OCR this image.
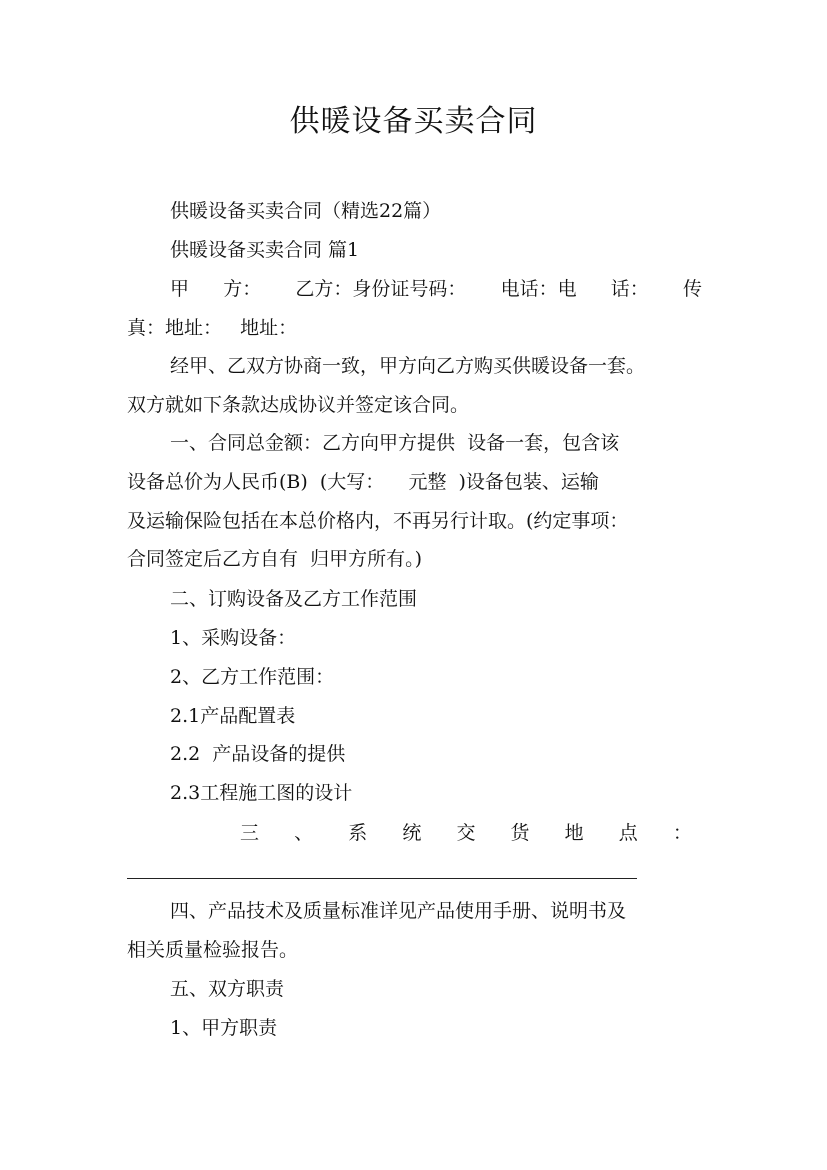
供暖设备买卖合同
供暖设备买卖合同（精选22篇）
供暖设备买卖合同 篇1
甲 方： 乙方：身份证号码： 电话：电 话： 传
真：地址：   地址：
经甲、乙双方协商一致，甲方向乙方购买供暖设备一套。
双方就如下条款达成协议并签定该合同。
一、合同总金额：乙方向甲方提供  设备一套，包含该
设备总价为人民币(B)  (大写：    元整  )设备包装、运输
及运输保险包括在本总价格内，不再另行计取。(约定事项：
合同签定后乙方自有  归甲方所有。)
二、订购设备及乙方工作范围
1、采购设备：
2、乙方工作范围：
2.1产品配置表
2.2  产品设备的提供
2.3工程施工图的设计
三 、 系 统 交 货 地 点 ：
四、产品技术及质量标准详见产品使用手册、说明书及
相关质量检验报告。
五、双方职责
1、甲方职责
